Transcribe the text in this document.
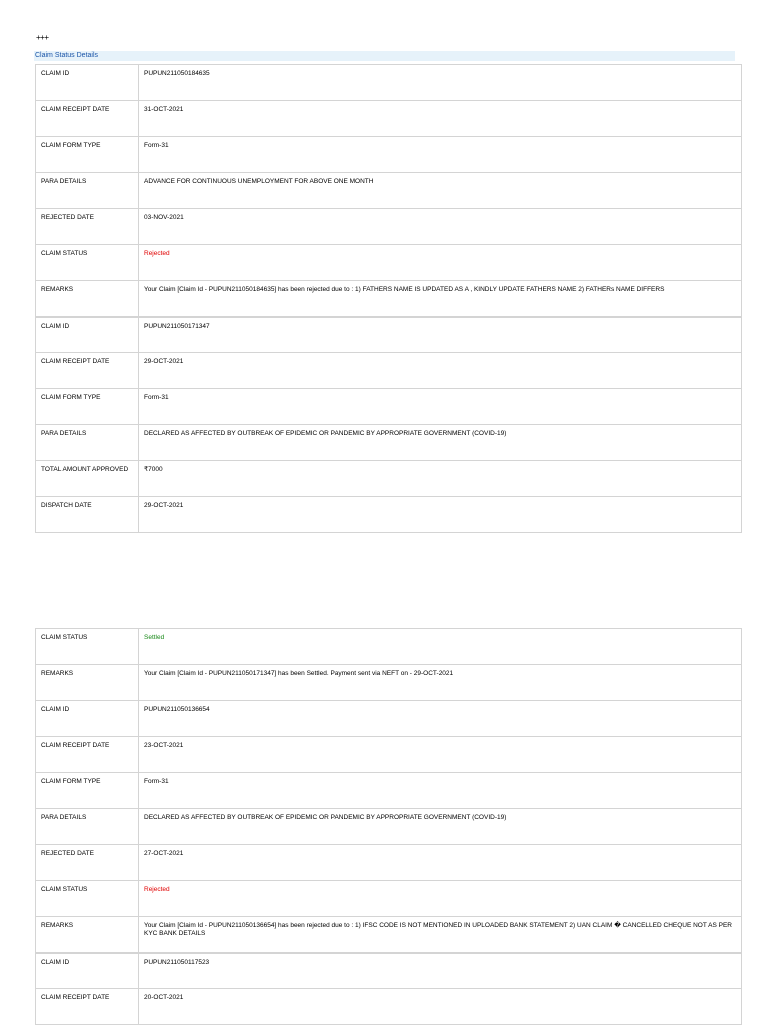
+++
Claim Status Details
CLAIM ID	PUPUN211050184635
CLAIM RECEIPT DATE	31-OCT-2021
CLAIM FORM TYPE	Form-31
PARA DETAILS	ADVANCE FOR CONTINUOUS UNEMPLOYMENT FOR ABOVE ONE MONTH
REJECTED DATE	03-NOV-2021
CLAIM STATUS	Rejected
REMARKS	Your Claim [Claim Id - PUPUN211050184635] has been rejected due to : 1) FATHERS NAME IS UPDATED AS A , KINDLY UPDATE FATHERS NAME 2) FATHERs NAME DIFFERS
CLAIM ID	PUPUN211050171347
CLAIM RECEIPT DATE	29-OCT-2021
CLAIM FORM TYPE	Form-31
PARA DETAILS	DECLARED AS AFFECTED BY OUTBREAK OF EPIDEMIC OR PANDEMIC BY APPROPRIATE GOVERNMENT (COVID-19)
TOTAL AMOUNT APPROVED	₹7000
DISPATCH DATE	29-OCT-2021
CLAIM STATUS	Settled
REMARKS	Your Claim [Claim Id - PUPUN211050171347] has been Settled. Payment sent via NEFT on - 29-OCT-2021
CLAIM ID	PUPUN211050136654
CLAIM RECEIPT DATE	23-OCT-2021
CLAIM FORM TYPE	Form-31
PARA DETAILS	DECLARED AS AFFECTED BY OUTBREAK OF EPIDEMIC OR PANDEMIC BY APPROPRIATE GOVERNMENT (COVID-19)
REJECTED DATE	27-OCT-2021
CLAIM STATUS	Rejected
REMARKS	Your Claim [Claim Id - PUPUN211050136654] has been rejected due to : 1) IFSC CODE IS NOT MENTIONED IN UPLOADED BANK STATEMENT 2) UAN CLAIM � CANCELLED CHEQUE NOT AS PER KYC BANK DETAILS
CLAIM ID	PUPUN211050117523
CLAIM RECEIPT DATE	20-OCT-2021
